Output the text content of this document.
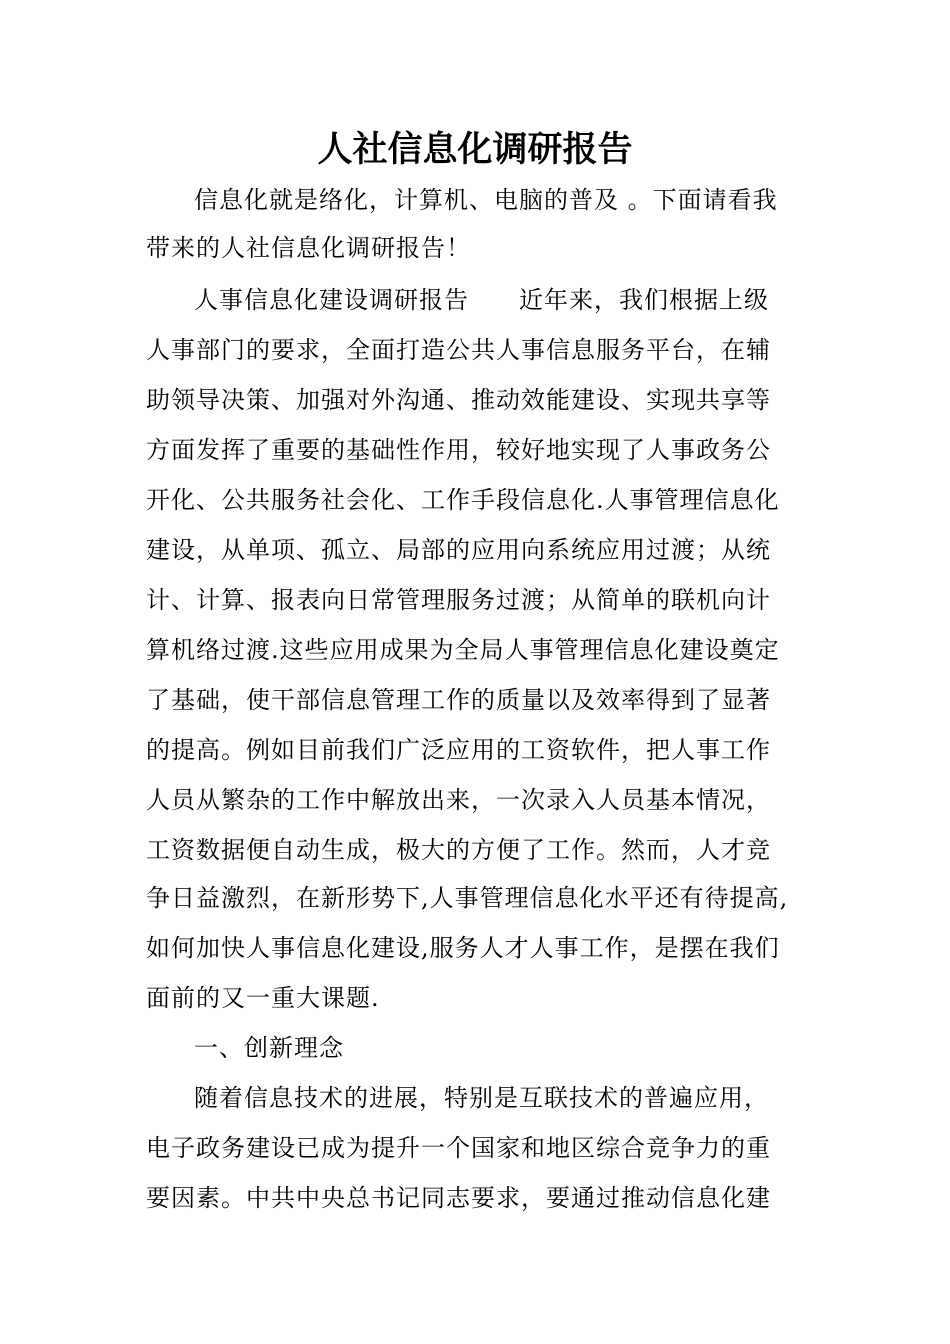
人社信息化调研报告
信息化就是络化，计算机、电脑的普及 。下面请看我
带来的人社信息化调研报告！
人事信息化建设调研报告　　近年来，我们根据上级
人事部门的要求，全面打造公共人事信息服务平台，在辅
助领导决策、加强对外沟通、推动效能建设、实现共享等
方面发挥了重要的基础性作用，较好地实现了人事政务公
开化、公共服务社会化、工作手段信息化.人事管理信息化
建设，从单项、孤立、局部的应用向系统应用过渡；从统
计、计算、报表向日常管理服务过渡；从简单的联机向计
算机络过渡.这些应用成果为全局人事管理信息化建设奠定
了基础，使干部信息管理工作的质量以及效率得到了显著
的提高。例如目前我们广泛应用的工资软件，把人事工作
人员从繁杂的工作中解放出来，一次录入人员基本情况，
工资数据便自动生成，极大的方便了工作。然而，人才竞
争日益激烈，在新形势下,人事管理信息化水平还有待提高,
如何加快人事信息化建设,服务人才人事工作，是摆在我们
面前的又一重大课题.
一、创新理念
随着信息技术的进展，特别是互联技术的普遍应用，
电子政务建设已成为提升一个国家和地区综合竞争力的重
要因素。中共中央总书记同志要求，要通过推动信息化建
